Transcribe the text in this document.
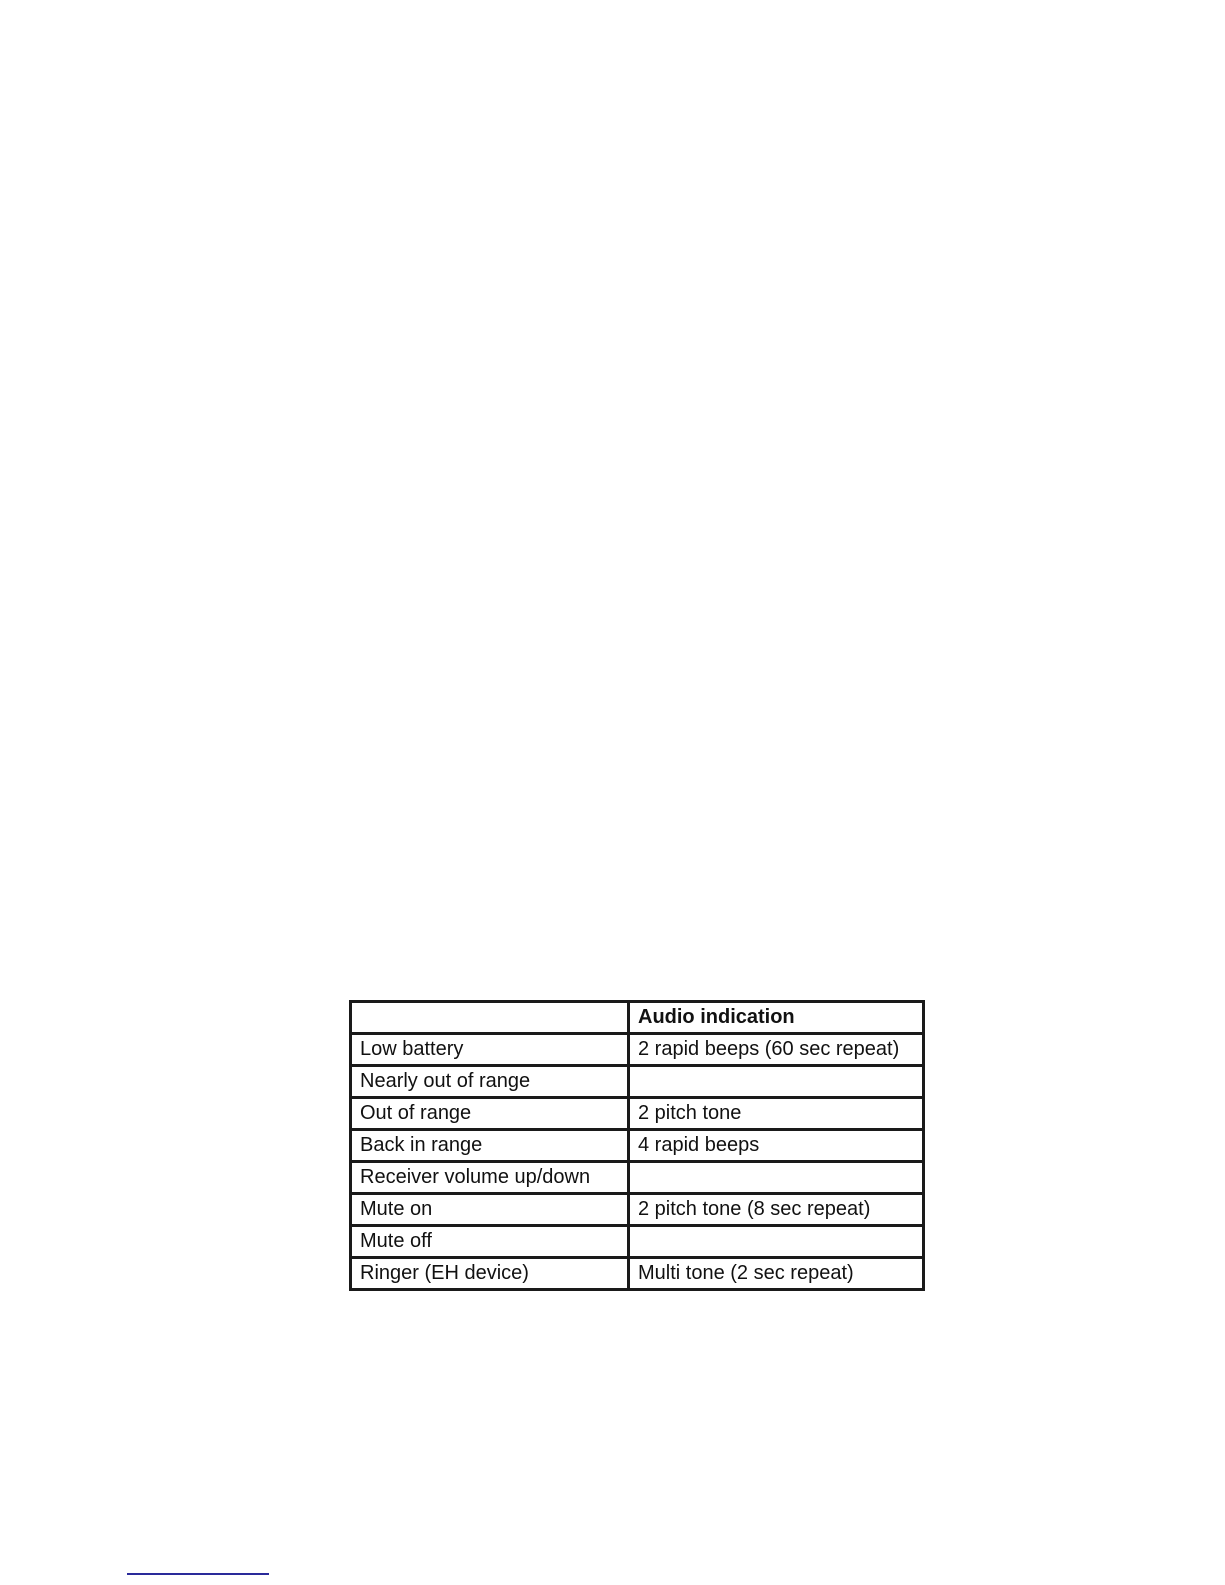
	Audio indication
Low battery	2 rapid beeps (60 sec repeat)
Nearly out of range	
Out of range	2 pitch tone
Back in range	4 rapid beeps
Receiver volume up/down	
Mute on	2 pitch tone (8 sec repeat)
Mute off	
Ringer (EH device)	Multi tone (2 sec repeat)
